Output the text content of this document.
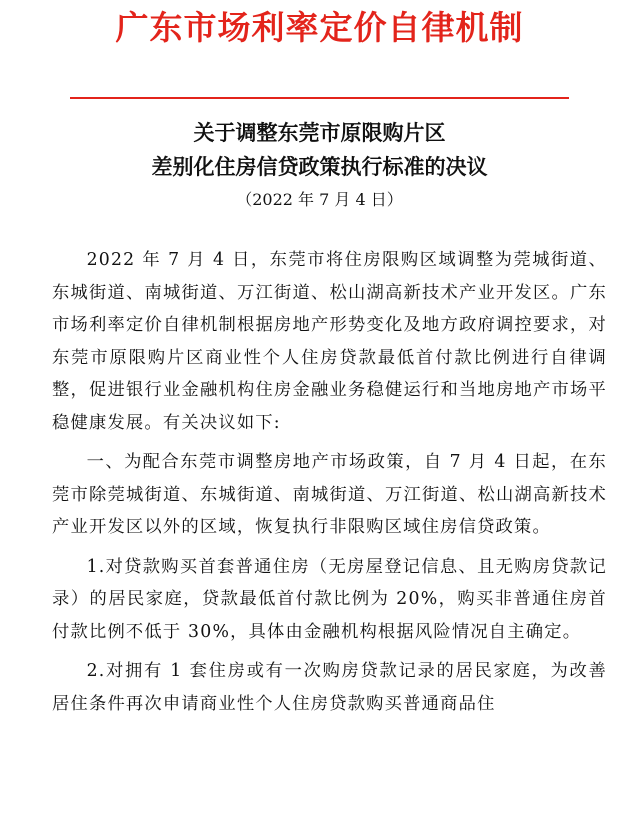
广东市场利率定价自律机制
关于调整东莞市原限购片区
差别化住房信贷政策执行标准的决议
（2022 年 7 月 4 日）

2022 年 7 月 4 日，东莞市将住房限购区域调整为莞城街道、东城街道、南城街道、万江街道、松山湖高新技术产业开发区。广东市场利率定价自律机制根据房地产形势变化及地方政府调控要求，对东莞市原限购片区商业性个人住房贷款最低首付款比例进行自律调整，促进银行业金融机构住房金融业务稳健运行和当地房地产市场平稳健康发展。有关决议如下:

一、为配合东莞市调整房地产市场政策，自 7 月 4 日起，在东莞市除莞城街道、东城街道、南城街道、万江街道、松山湖高新技术产业开发区以外的区域，恢复执行非限购区域住房信贷政策。

1.对贷款购买首套普通住房（无房屋登记信息、且无购房贷款记录）的居民家庭，贷款最低首付款比例为 20%，购买非普通住房首付款比例不低于 30%，具体由金融机构根据风险情况自主确定。

2.对拥有 1 套住房或有一次购房贷款记录的居民家庭，为改善居住条件再次申请商业性个人住房贷款购买普通商品住
